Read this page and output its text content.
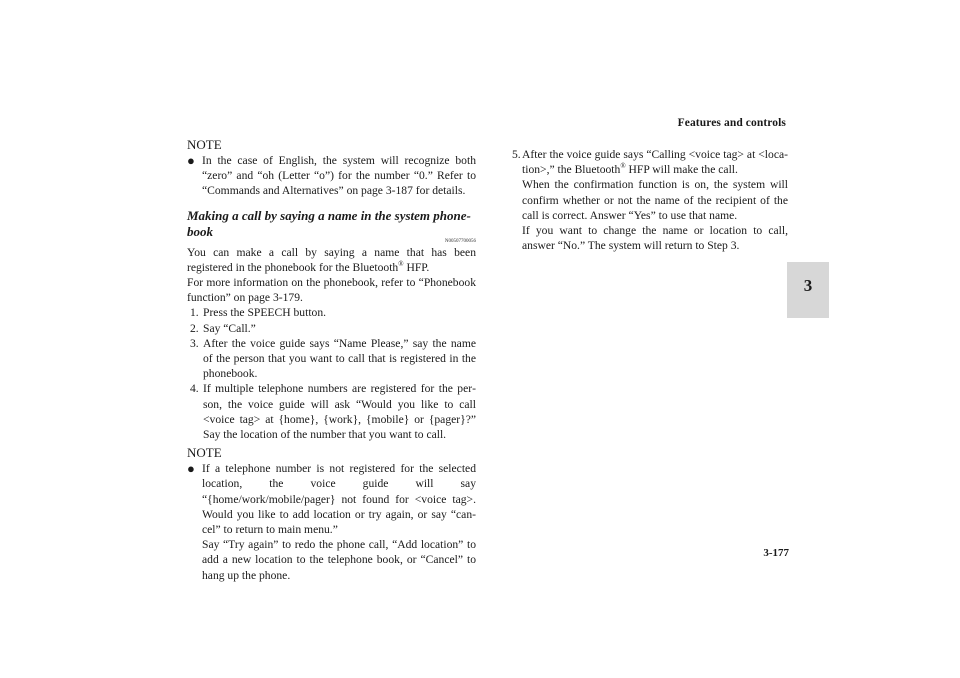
Features and controls
3

NOTE

● In the case of English, the system will recognize both “zero” and “oh (Letter “o”) for the number “0.” Refer to “Commands and Alternatives” on page 3-187 for details.

Making a call by saying a name in the system phonebook

N00507700056

You can make a call by saying a name that has been registered in the phonebook for the Bluetooth® HFP.

For more information on the phonebook, refer to “Phonebook function” on page 3-179.

1. Press the SPEECH button.

2. Say “Call.”

3. After the voice guide says “Name Please,” say the name of the person that you want to call that is registered in the phonebook.

4. If multiple telephone numbers are registered for the person, the voice guide will ask “Would you like to call <voice tag> at {home}, {work}, {mobile} or {pager}?” Say the location of the number that you want to call.

NOTE

● If a telephone number is not registered for the selected location, the voice guide will say “{home/work/mobile/pager} not found for <voice tag>. Would you like to add location or try again, or say “cancel” to return to main menu.”

Say “Try again” to redo the phone call, “Add location” to add a new location to the telephone book, or “Cancel” to hang up the phone.

5. After the voice guide says “Calling <voice tag> at <location>,” the Bluetooth® HFP will make the call.

When the confirmation function is on, the system will confirm whether or not the name of the recipient of the call is correct. Answer “Yes” to use that name.

If you want to change the name or location to call, answer “No.” The system will return to Step 3.

3-177
